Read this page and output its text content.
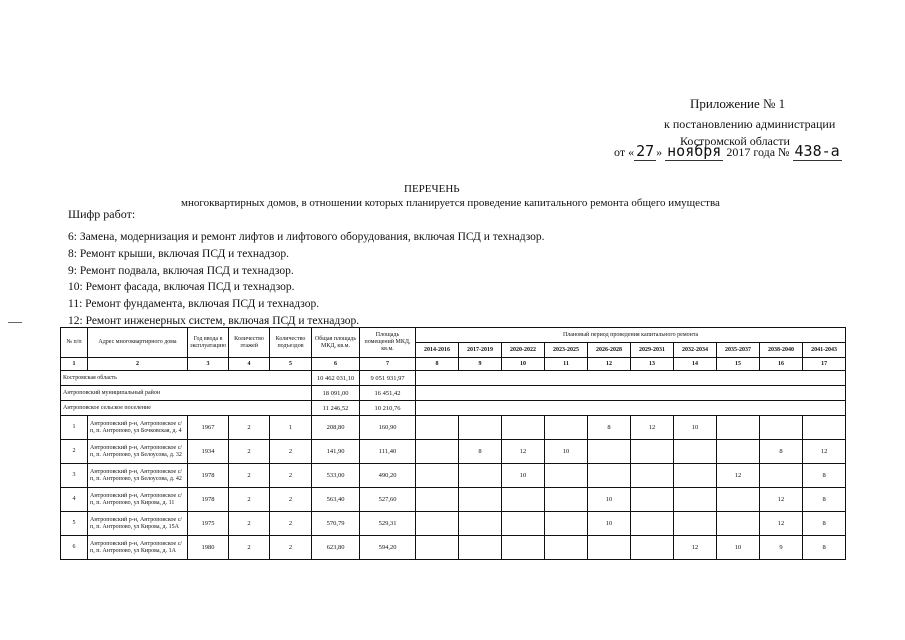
Приложение № 1
к постановлению администрации
Костромской области
от « 27 » ноября 2017 года № 438-а
ПЕРЕЧЕНЬ
многоквартирных домов, в отношении которых планируется проведение капитального ремонта общего имущества
Шифр работ:
6: Замена, модернизация и ремонт лифтов и лифтового оборудования, включая ПСД и технадзор.
8: Ремонт крыши, включая ПСД и технадзор.
9: Ремонт подвала, включая ПСД и технадзор.
10: Ремонт фасада, включая ПСД и технадзор.
11: Ремонт фундамента, включая ПСД и технадзор.
12: Ремонт инженерных систем, включая ПСД и технадзор.
№ п/п	Адрес многоквартирного дома	Год ввода в эксплуатацию	Количество этажей	Количество подъездов	Общая площадь МКД, кв.м.	Площадь помещений МКД, кв.м.	Плановый период проведения капитального ремонта									
							2014-2016	2017-2019	2020-2022	2023-2025	2026-2028	2029-2031	2032-2034	2035-2037	2038-2040	2041-2043
1	2	3	4	5	6	7	8	9	10	11	12	13	14	15	16	17
Костромская область					10 462 031,10	9 051 931,97										
Антроповский муниципальный район					18 091,00	16 451,42										
Антроповское сельское поселение					11 246,52	10 210,76										
1	Антроповский р-н, Антроповское с/п, п. Антропово, ул Бочковская, д. 4	1967	2	1	208,80	160,90					8	12	10			
2	Антроповский р-н, Антроповское с/п, п. Антропово, ул Белоусова, д. 32	1934	2	2	141,90	111,40		8	12	10					8	12
3	Антроповский р-н, Антроповское с/п, п. Антропово, ул Белоусова, д. 42	1978	2	2	533,00	490,20			10					12		8
4	Антроповский р-н, Антроповское с/п, п. Антропово, ул Кирова, д. 11	1978	2	2	563,40	527,60					10				12	8
5	Антроповский р-н, Антроповское с/п, п. Антропово, ул Кирова, д. 15А	1975	2	2	570,79	529,31					10				12	8
6	Антроповский р-н, Антроповское с/п, п. Антропово, ул Кирова, д. 1А	1980	2	2	623,80	594,20							12	10	9	8
